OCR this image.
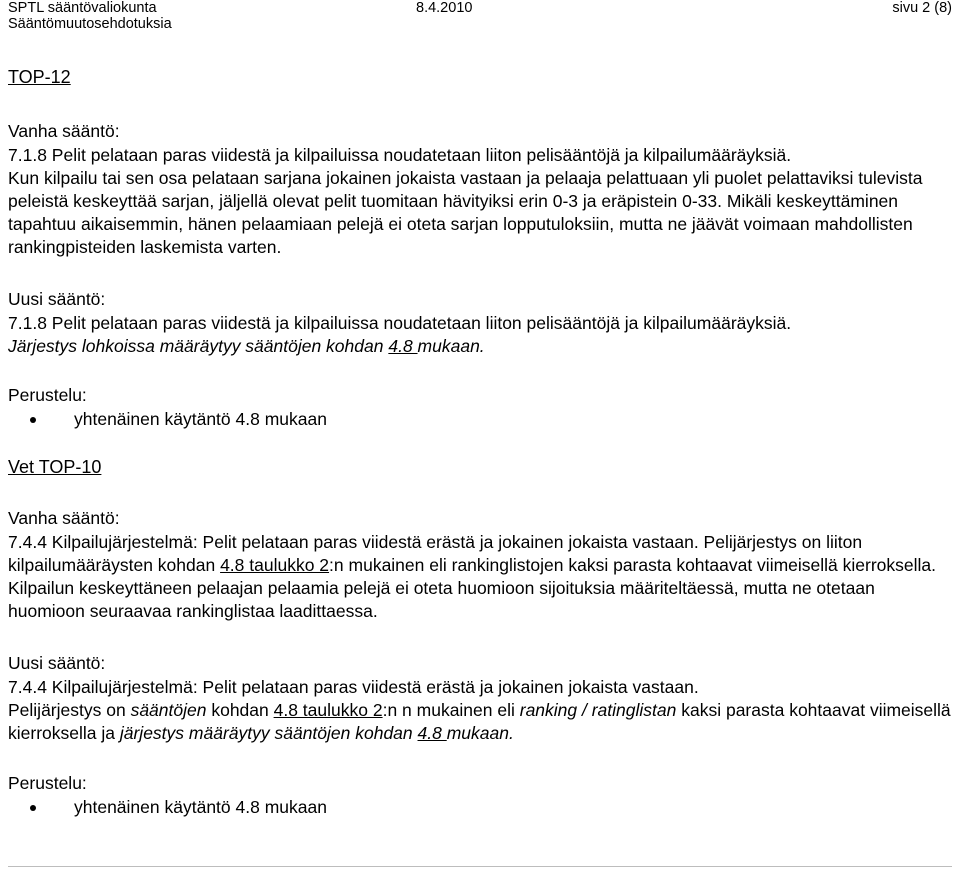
SPTL sääntövaliokunta	8.4.2010	sivu 2 (8)
Sääntömuutosehdotuksia
TOP-12
Vanha sääntö:

7.1.8 Pelit pelataan paras viidestä ja kilpailuissa noudatetaan liiton pelisääntöjä ja kilpailumääräyksiä.

Kun kilpailu tai sen osa pelataan sarjana jokainen jokaista vastaan ja pelaaja pelattuaan yli puolet pelattaviksi tulevista peleistä keskeyttää sarjan, jäljellä olevat pelit tuomitaan hävityiksi erin 0-3 ja eräpistein 0-33. Mikäli keskeyttäminen tapahtuu aikaisemmin, hänen pelaamiaan pelejä ei oteta sarjan lopputuloksiin, mutta ne jäävät voimaan mahdollisten rankingpisteiden laskemista varten.

Uusi sääntö:

7.1.8 Pelit pelataan paras viidestä ja kilpailuissa noudatetaan liiton pelisääntöjä ja kilpailumääräyksiä.

Järjestys lohkoissa määräytyy sääntöjen kohdan 4.8 mukaan.

Perustelu:
yhtenäinen käytäntö 4.8 mukaan
Vet TOP-10
Vanha sääntö:

7.4.4 Kilpailujärjestelmä: Pelit pelataan paras viidestä erästä ja jokainen jokaista vastaan. Pelijärjestys on liiton kilpailumääräysten kohdan 4.8 taulukko 2:n mukainen eli rankinglistojen kaksi parasta kohtaavat viimeisellä kierroksella. Kilpailun keskeyttäneen pelaajan pelaamia pelejä ei oteta huomioon sijoituksia määriteltäessä, mutta ne otetaan huomioon seuraavaa rankinglistaa laadittaessa.

Uusi sääntö:

7.4.4 Kilpailujärjestelmä: Pelit pelataan paras viidestä erästä ja jokainen jokaista vastaan.

Pelijärjestys on sääntöjen kohdan 4.8 taulukko 2:n n mukainen eli ranking / ratinglistan kaksi parasta kohtaavat viimeisellä kierroksella ja järjestys määräytyy sääntöjen kohdan 4.8 mukaan.

Perustelu:
yhtenäinen käytäntö 4.8 mukaan
